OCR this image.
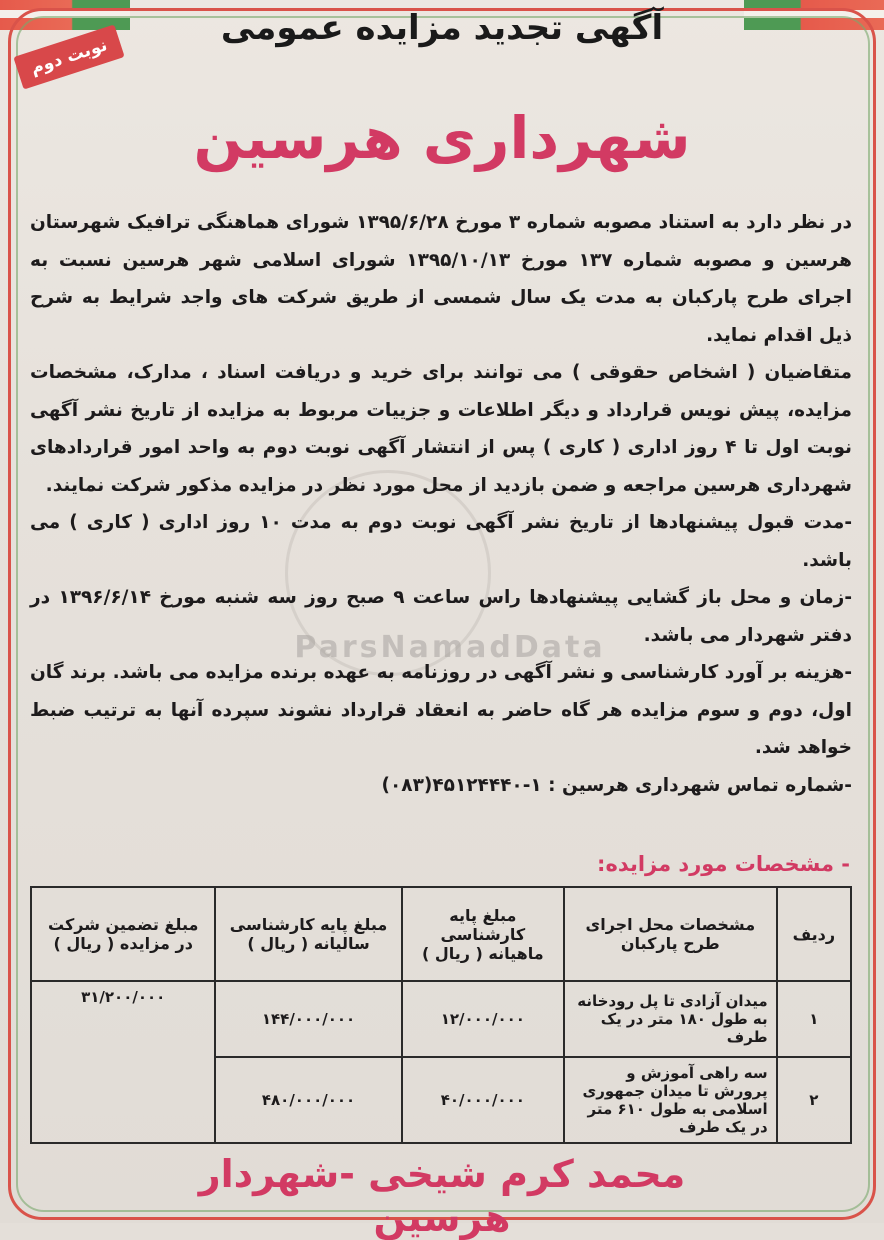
نوبت دوم
آگهی تجدید مزایده عمومی
شهرداری هرسین
ParsNamadData

در نظر دارد به استناد مصوبه شماره ۳ مورخ ۱۳۹۵/۶/۲۸ شورای هماهنگی ترافیک شهرستان هرسین و مصوبه شماره ۱۳۷ مورخ ۱۳۹۵/۱۰/۱۳ شورای اسلامی شهر هرسین نسبت به اجرای طرح پارکبان به مدت یک سال شمسی از طریق شرکت های واجد شرایط به شرح ذیل اقدام نماید.

متقاضیان ( اشخاص حقوقی ) می توانند برای خرید و دریافت اسناد ، مدارک، مشخصات مزایده، پیش نویس قرارداد و دیگر اطلاعات و جزییات مربوط به مزایده از تاریخ نشر آگهی نوبت اول تا ۴ روز اداری ( کاری ) پس از انتشار آگهی نوبت دوم به واحد امور قراردادهای شهرداری هرسین مراجعه و ضمن بازدید از محل مورد نظر در مزایده مذکور شرکت نمایند.

-مدت قبول پیشنهادها از تاریخ نشر آگهی نوبت دوم به مدت ۱۰ روز اداری ( کاری ) می باشد.

-زمان و محل باز گشایی پیشنهادها راس ساعت ۹ صبح روز سه شنبه مورخ ۱۳۹۶/۶/۱۴ در دفتر شهردار می باشد.

-هزینه بر آورد کارشناسی و نشر آگهی در روزنامه به عهده برنده مزایده می باشد. برند گان اول، دوم و سوم مزایده هر گاه حاضر به انعقاد قرارداد نشوند سپرده آنها به ترتیب ضبط خواهد شد.

-شماره تماس شهرداری هرسین : ۱-۴۵۱۲۴۴۴۰(۰۸۳)

- مشخصات مورد مزایده:
ردیف	مشخصات محل اجرای طرح پارکبان	مبلغ پایه کارشناسی ماهیانه ( ریال )	مبلغ پایه کارشناسی سالیانه ( ریال )	مبلغ تضمین شرکت در مزایده ( ریال )
۱	میدان آزادی تا پل رودخانه به طول ۱۸۰ متر در یک طرف	۱۲/۰۰۰/۰۰۰	۱۴۴/۰۰۰/۰۰۰	۳۱/۲۰۰/۰۰۰
۲	سه راهی آموزش و پرورش تا میدان جمهوری اسلامی به طول ۶۱۰ متر در یک طرف	۴۰/۰۰۰/۰۰۰	۴۸۰/۰۰۰/۰۰۰	
محمد کرم شیخی -شهردار هرسین
